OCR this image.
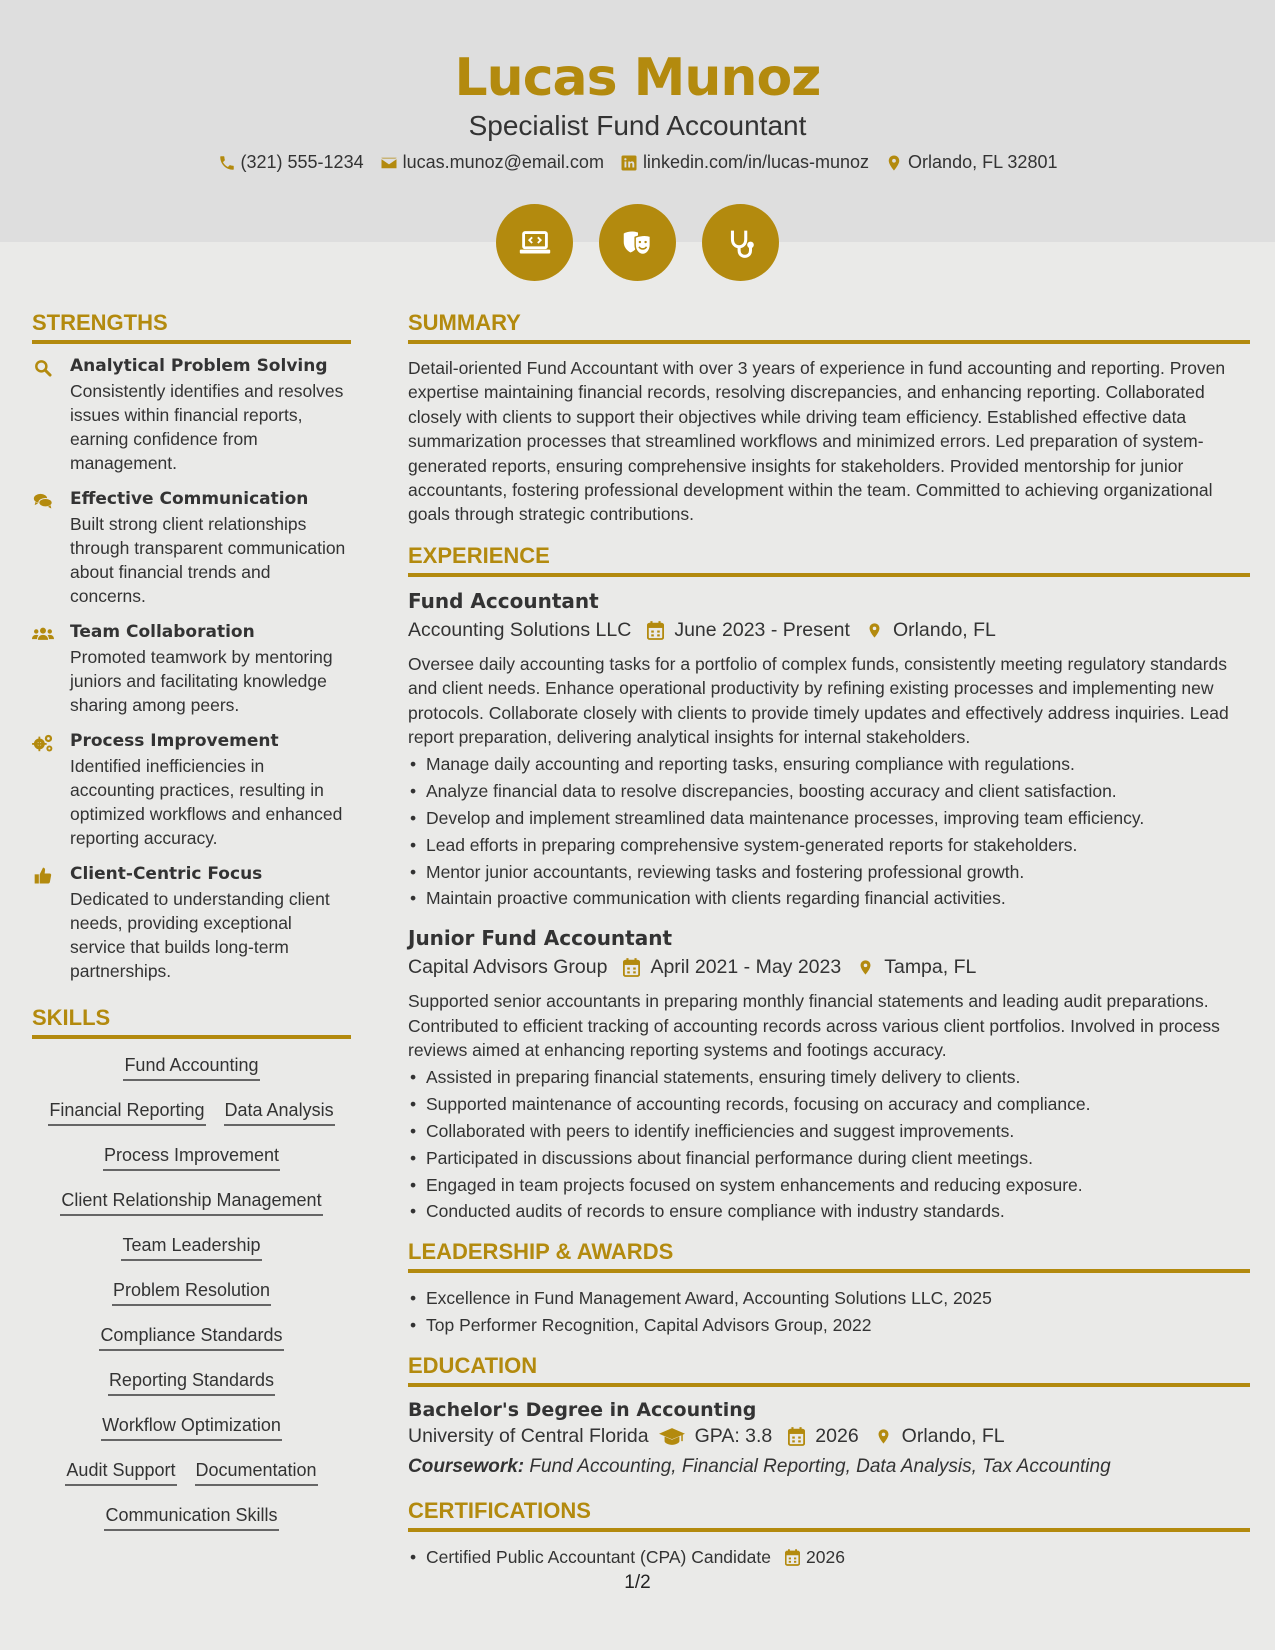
Lucas Munoz
Specialist Fund Accountant
(321) 555-1234 lucas.munoz@email.com linkedin.com/in/lucas-munoz Orlando, FL 32801
STRENGTHS
Analytical Problem Solving
Consistently identifies and resolves issues within financial reports, earning confidence from management.
Effective Communication
Built strong client relationships through transparent communication about financial trends and concerns.
Team Collaboration
Promoted teamwork by mentoring juniors and facilitating knowledge sharing among peers.
Process Improvement
Identified inefficiencies in accounting practices, resulting in optimized workflows and enhanced reporting accuracy.
Client-Centric Focus
Dedicated to understanding client needs, providing exceptional service that builds long-term partnerships.
SKILLS
Fund Accounting
Financial Reporting Data Analysis
Process Improvement
Client Relationship Management
Team Leadership
Problem Resolution
Compliance Standards
Reporting Standards
Workflow Optimization
Audit Support Documentation
Communication Skills
SUMMARY
Detail-oriented Fund Accountant with over 3 years of experience in fund accounting and reporting. Proven expertise maintaining financial records, resolving discrepancies, and enhancing reporting. Collaborated closely with clients to support their objectives while driving team efficiency. Established effective data summarization processes that streamlined workflows and minimized errors. Led preparation of system-generated reports, ensuring comprehensive insights for stakeholders. Provided mentorship for junior accountants, fostering professional development within the team. Committed to achieving organizational goals through strategic contributions.
EXPERIENCE
Fund Accountant
Accounting Solutions LLC June 2023 - Present Orlando, FL
Oversee daily accounting tasks for a portfolio of complex funds, consistently meeting regulatory standards and client needs. Enhance operational productivity by refining existing processes and implementing new protocols. Collaborate closely with clients to provide timely updates and effectively address inquiries. Lead report preparation, delivering analytical insights for internal stakeholders.
• Manage daily accounting and reporting tasks, ensuring compliance with regulations.
• Analyze financial data to resolve discrepancies, boosting accuracy and client satisfaction.
• Develop and implement streamlined data maintenance processes, improving team efficiency.
• Lead efforts in preparing comprehensive system-generated reports for stakeholders.
• Mentor junior accountants, reviewing tasks and fostering professional growth.
• Maintain proactive communication with clients regarding financial activities.
Junior Fund Accountant
Capital Advisors Group April 2021 - May 2023 Tampa, FL
Supported senior accountants in preparing monthly financial statements and leading audit preparations. Contributed to efficient tracking of accounting records across various client portfolios. Involved in process reviews aimed at enhancing reporting systems and footings accuracy.
• Assisted in preparing financial statements, ensuring timely delivery to clients.
• Supported maintenance of accounting records, focusing on accuracy and compliance.
• Collaborated with peers to identify inefficiencies and suggest improvements.
• Participated in discussions about financial performance during client meetings.
• Engaged in team projects focused on system enhancements and reducing exposure.
• Conducted audits of records to ensure compliance with industry standards.
LEADERSHIP & AWARDS
• Excellence in Fund Management Award, Accounting Solutions LLC, 2025
• Top Performer Recognition, Capital Advisors Group, 2022
EDUCATION
Bachelor's Degree in Accounting
University of Central Florida GPA: 3.8 2026 Orlando, FL
Coursework: Fund Accounting, Financial Reporting, Data Analysis, Tax Accounting
CERTIFICATIONS
• Certified Public Accountant (CPA) Candidate 2026
1/2
